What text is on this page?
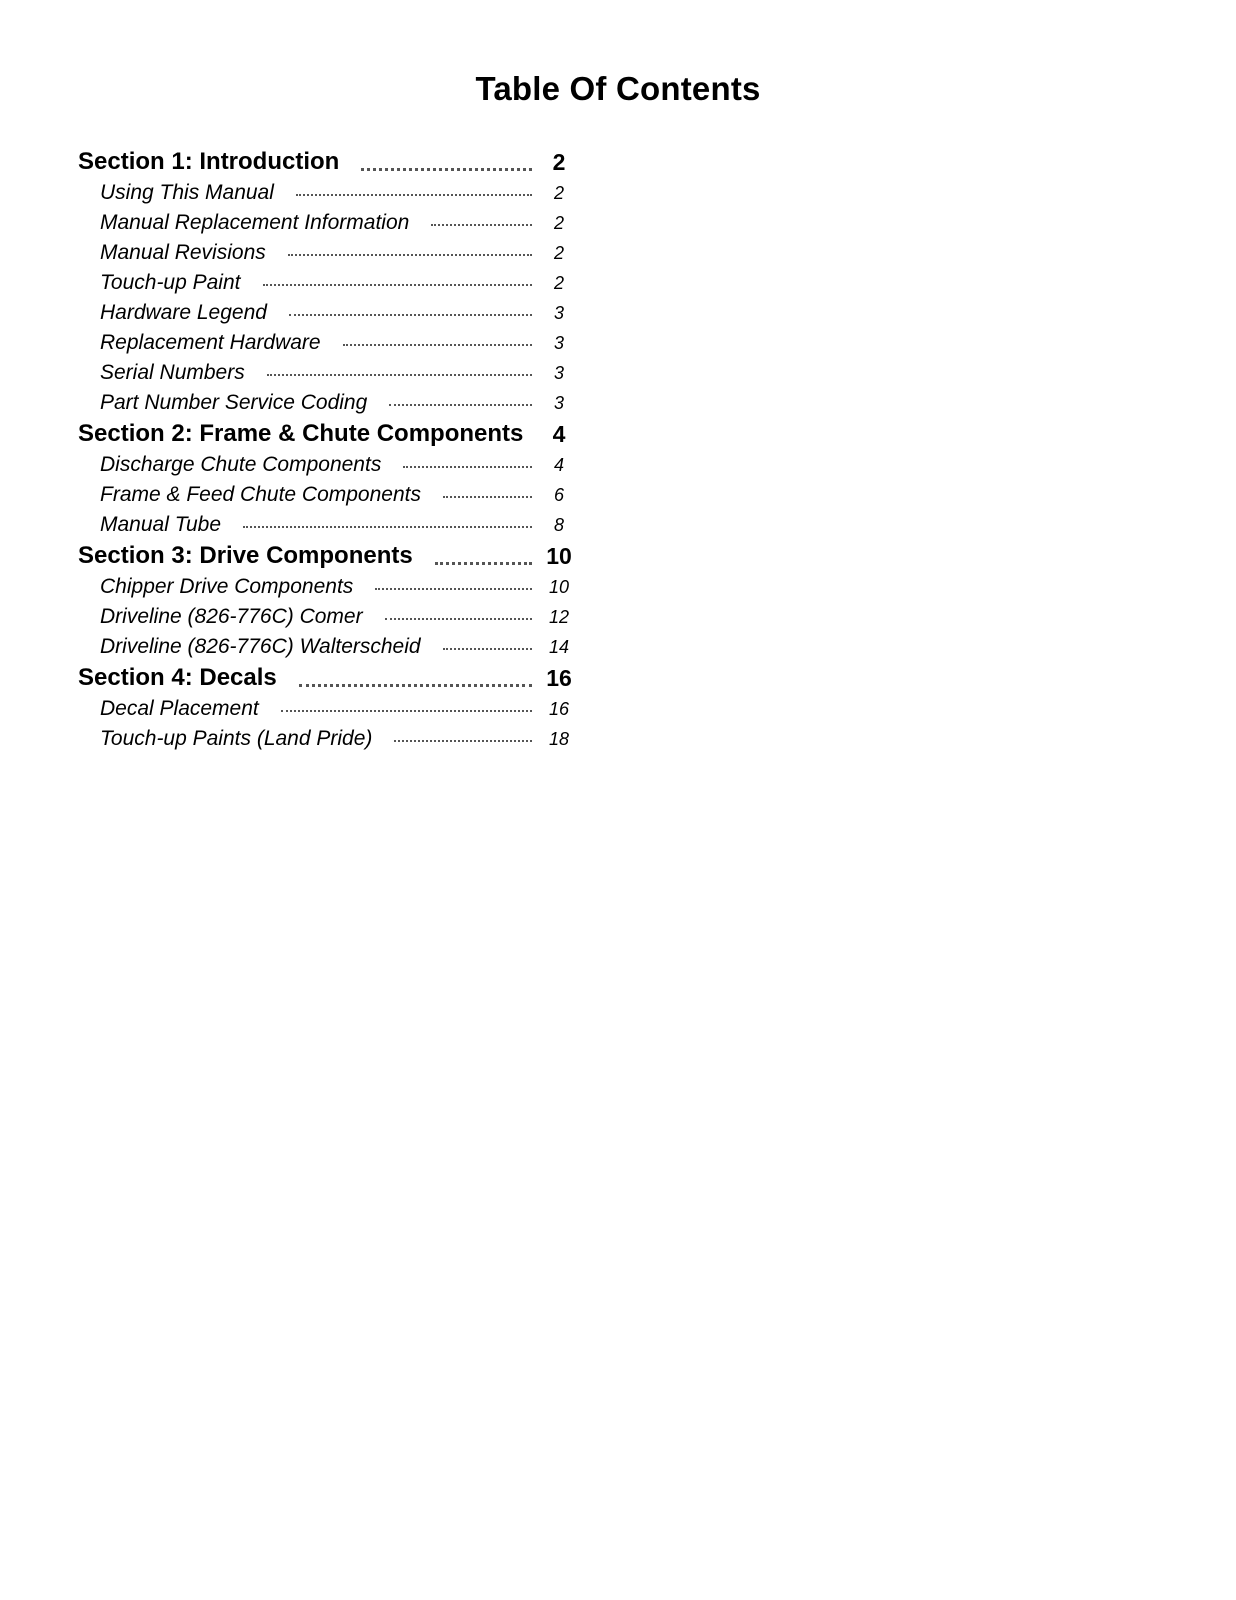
Table Of Contents
Section 1: Introduction	2
Using This Manual	2
Manual Replacement Information	2
Manual Revisions	2
Touch-up Paint	2
Hardware Legend	3
Replacement Hardware	3
Serial Numbers	3
Part Number Service Coding	3
Section 2: Frame & Chute Components	4
Discharge Chute Components	4
Frame & Feed Chute Components	6
Manual Tube	8
Section 3: Drive Components	10
Chipper Drive Components	10
Driveline (826-776C) Comer	12
Driveline (826-776C) Walterscheid	14
Section 4: Decals	16
Decal Placement	16
Touch-up Paints (Land Pride)	18
